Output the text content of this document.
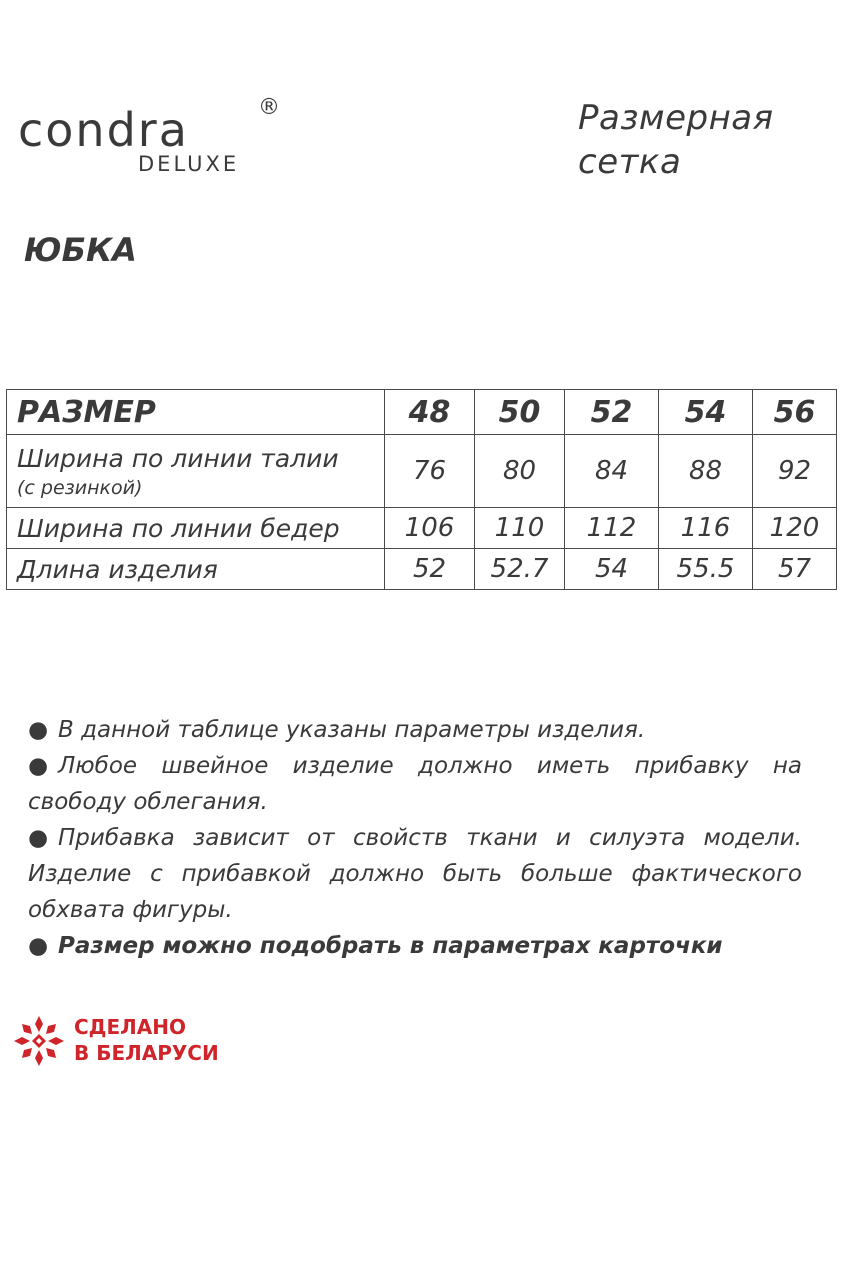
condra	®
DELUXE
Размерная сетка
ЮБКА
РАЗМЕР	48	50	52	54	56

Ширина по линии талии
(с резинкой)	76	80	84	88	92
Ширина по линии бедер	106	110	112	116	120
Длина изделия	52	52.7	54	55.5	57

● В данной таблице указаны параметры изделия.

● Любое швейное изделие должно иметь прибавку на свободу облегания.

● Прибавка зависит от свойств ткани и силуэта модели. Изделие с прибавкой должно быть больше фактического обхвата фигуры.

● Размер можно подобрать в параметрах карточки

СДЕЛАНО
В БЕЛАРУСИ
